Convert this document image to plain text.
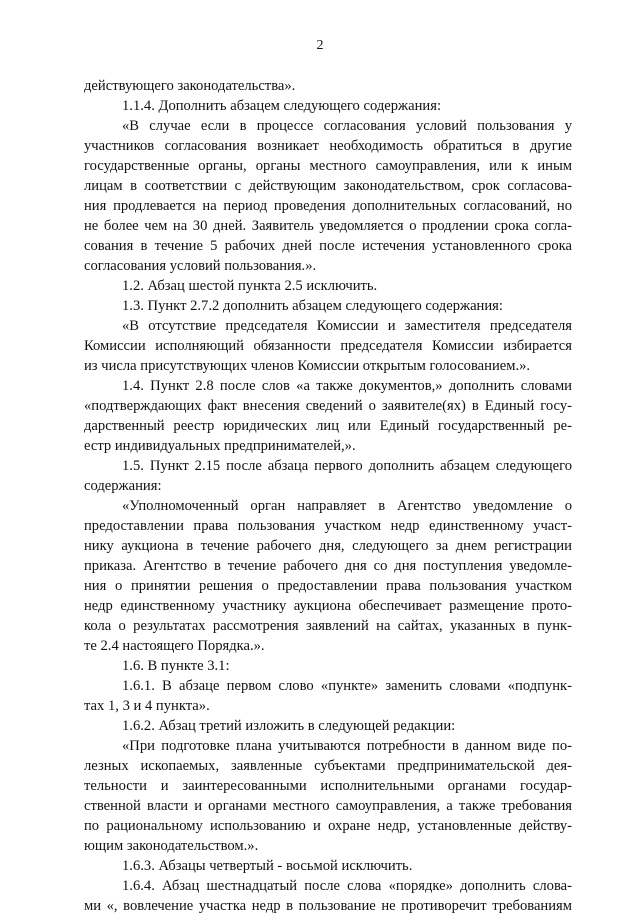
2
действующего законодательства».
1.1.4. Дополнить абзацем следующего содержания:
«В случае если в процессе согласования условий пользования у
участников согласования возникает необходимость обратиться в другие
государственные органы, органы местного самоуправления, или к иным
лицам в соответствии с действующим законодательством, срок согласова-
ния продлевается на период проведения дополнительных согласований, но
не более чем на 30 дней. Заявитель уведомляется о продлении срока согла-
сования в течение 5 рабочих дней после истечения установленного срока
согласования условий пользования.».
1.2. Абзац шестой пункта 2.5 исключить.
1.3. Пункт 2.7.2 дополнить абзацем следующего содержания:
«В отсутствие председателя Комиссии и заместителя председателя
Комиссии исполняющий обязанности председателя Комиссии избирается
из числа присутствующих членов Комиссии открытым голосованием.».
1.4. Пункт 2.8 после слов «а также документов,» дополнить словами
«подтверждающих факт внесения сведений о заявителе(ях) в Единый госу-
дарственный реестр юридических лиц или Единый государственный ре-
естр индивидуальных предпринимателей,».
1.5. Пункт 2.15 после абзаца первого дополнить абзацем следующего
содержания:
«Уполномоченный орган направляет в Агентство уведомление о
предоставлении права пользования участком недр единственному участ-
нику аукциона в течение рабочего дня, следующего за днем регистрации
приказа. Агентство в течение рабочего дня со дня поступления уведомле-
ния о принятии решения о предоставлении права пользования участком
недр единственному участнику аукциона обеспечивает размещение прото-
кола о результатах рассмотрения заявлений на сайтах, указанных в пунк-
те 2.4 настоящего Порядка.».
1.6. В пункте 3.1:
1.6.1. В абзаце первом слово «пункте» заменить словами «подпунк-
тах 1, 3 и 4 пункта».
1.6.2. Абзац третий изложить в следующей редакции:
«При подготовке плана учитываются потребности в данном виде по-
лезных ископаемых, заявленные субъектами предпринимательской дея-
тельности и заинтересованными исполнительными органами государ-
ственной власти и органами местного самоуправления, а также требования
по рациональному использованию и охране недр, установленные действу-
ющим законодательством.».
1.6.3. Абзацы четвертый - восьмой исключить.
1.6.4. Абзац шестнадцатый после слова «порядке» дополнить слова-
ми «, вовлечение участка недр в пользование не противоречит требованиям
